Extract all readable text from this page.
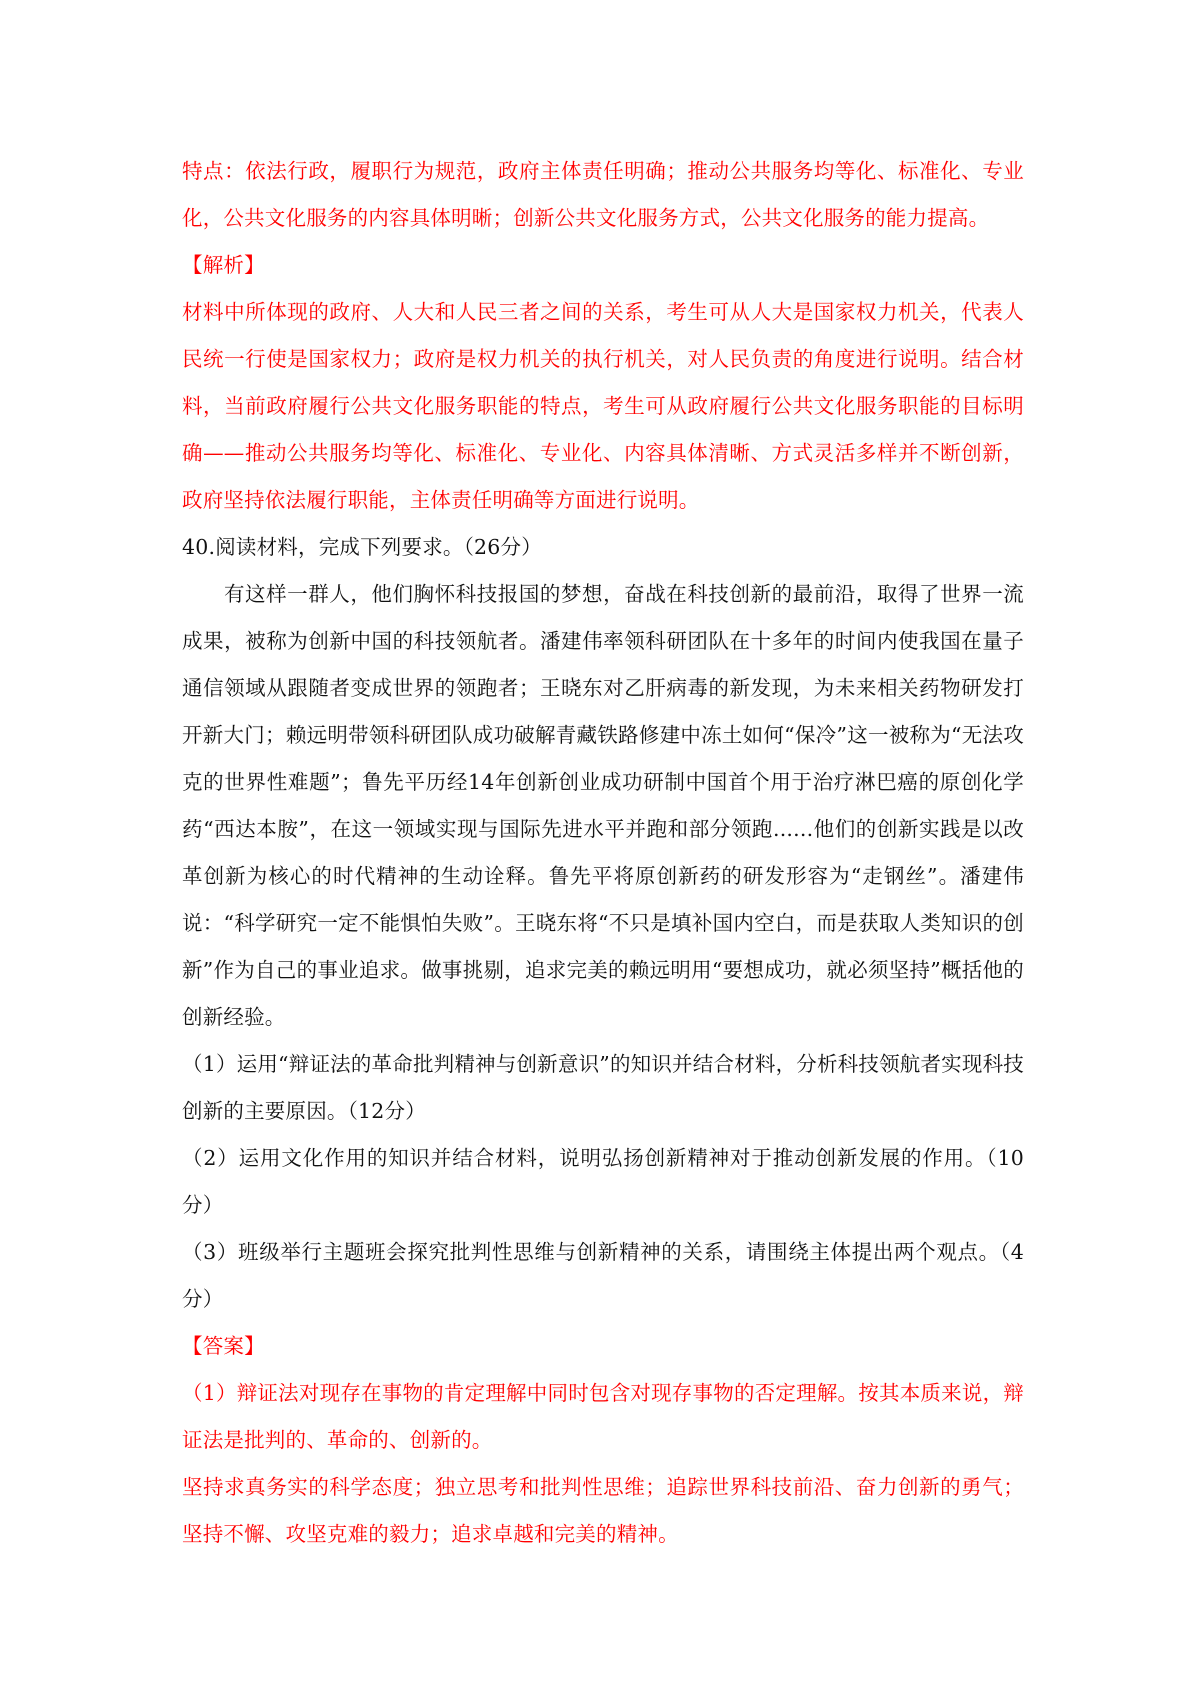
特点：依法行政，履职行为规范，政府主体责任明确；推动公共服务均等化、标准化、专业化，公共文化服务的内容具体明晰；创新公共文化服务方式，公共文化服务的能力提高。

【解析】

材料中所体现的政府、人大和人民三者之间的关系，考生可从人大是国家权力机关，代表人民统一行使是国家权力；政府是权力机关的执行机关，对人民负责的角度进行说明。结合材料，当前政府履行公共文化服务职能的特点，考生可从政府履行公共文化服务职能的目标明确——推动公共服务均等化、标准化、专业化、内容具体清晰、方式灵活多样并不断创新，政府坚持依法履行职能，主体责任明确等方面进行说明。

40.阅读材料，完成下列要求。（26分）

有这样一群人，他们胸怀科技报国的梦想，奋战在科技创新的最前沿，取得了世界一流成果，被称为创新中国的科技领航者。潘建伟率领科研团队在十多年的时间内使我国在量子通信领域从跟随者变成世界的领跑者；王晓东对乙肝病毒的新发现，为未来相关药物研发打开新大门；赖远明带领科研团队成功破解青藏铁路修建中冻土如何“保冷”这一被称为“无法攻克的世界性难题”；鲁先平历经14年创新创业成功研制中国首个用于治疗淋巴癌的原创化学药“西达本胺”，在这一领域实现与国际先进水平并跑和部分领跑......他们的创新实践是以改革创新为核心的时代精神的生动诠释。鲁先平将原创新药的研发形容为“走钢丝”。潘建伟说：“科学研究一定不能惧怕失败”。王晓东将“不只是填补国内空白，而是获取人类知识的创新”作为自己的事业追求。做事挑剔，追求完美的赖远明用“要想成功，就必须坚持”概括他的创新经验。

（1）运用“辩证法的革命批判精神与创新意识”的知识并结合材料，分析科技领航者实现科技创新的主要原因。（12分）

（2）运用文化作用的知识并结合材料，说明弘扬创新精神对于推动创新发展的作用。（10分）

（3）班级举行主题班会探究批判性思维与创新精神的关系，请围绕主体提出两个观点。（4分）

【答案】

（1）辩证法对现存在事物的肯定理解中同时包含对现存事物的否定理解。按其本质来说，辩证法是批判的、革命的、创新的。

坚持求真务实的科学态度；独立思考和批判性思维；追踪世界科技前沿、奋力创新的勇气；坚持不懈、攻坚克难的毅力；追求卓越和完美的精神。
